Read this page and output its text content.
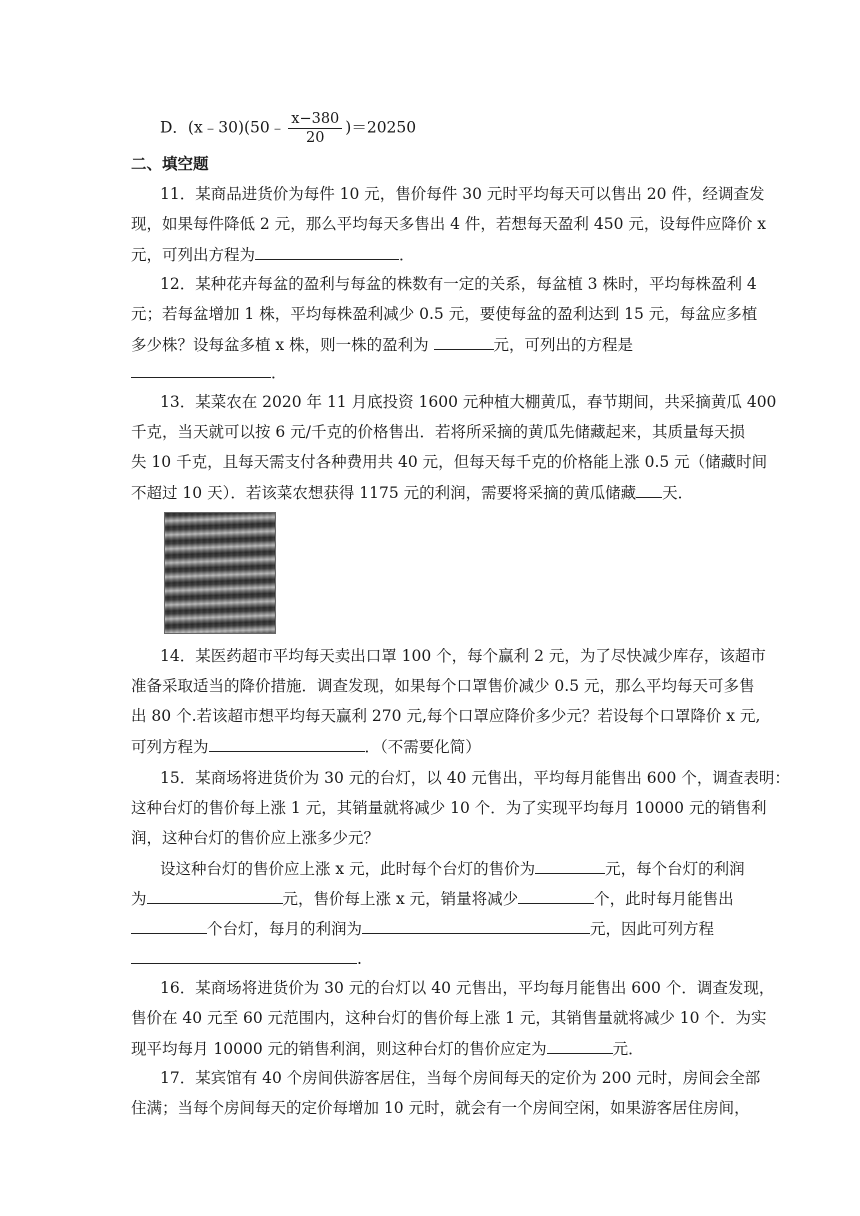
D．(x﹣30)(50﹣ $\frac{x-380}{20} )=20250$
二、填空题
11．某商品进货价为每件 10 元，售价每件 30 元时平均每天可以售出 20 件，经调查发
现，如果每件降低 2 元，那么平均每天多售出 4 件，若想每天盈利 450 元，设每件应降价 x
元，可列出方程为	．
12．某种花卉每盆的盈利与每盆的株数有一定的关系，每盆植 3 株时，平均每株盈利 4
元；若每盆增加 1 株，平均每株盈利减少 0.5 元，要使每盆的盈利达到 15 元，每盆应多植
多少株？设每盆多植 x 株，则一株的盈利为	元，可列出的方程是
．
13．某菜农在 2020 年 11 月底投资 1600 元种植大棚黄瓜，春节期间，共采摘黄瓜 400
千克，当天就可以按 6 元/千克的价格售出．若将所采摘的黄瓜先储藏起来，其质量每天损
失 10 千克，且每天需支付各种费用共 40 元，但每天每千克的价格能上涨 0.5 元（储藏时间
不超过 10 天）．若该菜农想获得 1175 元的利润，需要将采摘的黄瓜储藏 天．
14．某医药超市平均每天卖出口罩 100 个，每个赢利 2 元，为了尽快减少库存，该超市
准备采取适当的降价措施．调查发现，如果每个口罩售价减少 0.5 元，那么平均每天可多售
出 80 个.若该超市想平均每天赢利 270 元,每个口罩应降价多少元？若设每个口罩降价 x 元,
可列方程为	．（不需要化简）
15．某商场将进货价为 30 元的台灯，以 40 元售出，平均每月能售出 600 个，调查表明：
这种台灯的售价每上涨 1 元，其销量就将减少 10 个．为了实现平均每月 10000 元的销售利
润，这种台灯的售价应上涨多少元？
设这种台灯的售价应上涨 x 元，此时每个台灯的售价为	元，每个台灯的利润
为	元，售价每上涨 x 元，销量将减少	个，此时每月能售出
个台灯，每月的利润为	元，因此可列方程
.
16．某商场将进货价为 30 元的台灯以 40 元售出，平均每月能售出 600 个．调查发现，
售价在 40 元至 60 元范围内，这种台灯的售价每上涨 1 元，其销售量就将减少 10 个．为实
现平均每月 10000 元的销售利润，则这种台灯的售价应定为	元．
17．某宾馆有 40 个房间供游客居住，当每个房间每天的定价为 200 元时，房间会全部
住满；当每个房间每天的定价每增加 10 元时，就会有一个房间空闲，如果游客居住房间，
